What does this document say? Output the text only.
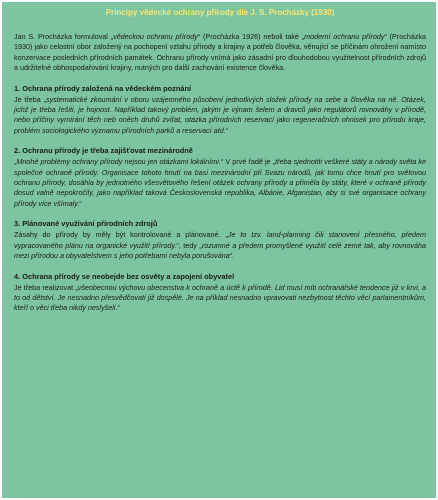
Principy vědecké ochrany přírody dle J. S. Procházky (1930)

Jan S. Procházka formuloval „vědeckou ochranu přírody“ (Procházka 1926) neboli také „moderní ochranu přírody“ (Procházka 1930) jako celostní obor založený na pochopení vztahu přírody a krajiny a potřeb člověka, věnující se příčinám ohrožení namísto konzervace posledních přírodních památek. Ochranu přírody vnímá jako zásadní pro dlouhodobou využitelnost přírodních zdrojů a udržitelné obhospodařování krajiny, nutných pro další zachování existence člověka.

1. Ochrana přírody založená na vědeckém poznání

Je třeba „systematické zkoumání v oboru vzájemného působení jednotlivých složek přírody na sebe a člověka na ně. Otázek, jichž je třeba řešiti, je hojnost. Například takový problém, jakým je výnam šelem a dravců jako regulátorů rovnováhy v přírodě, nebo příčiny vymírání těch neb oněch druhů zvířat, otázka přírodních reservací jako regeneračních ohnisek pro přírodu kraje, problém sociologického významu přírodních parků a reservací atd.“

2. Ochranu přírody je třeba zajišťovat mezinárodně

„Mnohé problémy ochrany přírody nejsou jen otázkami lokálními.“ V prvé řadě je „třeba sjednotiti veškeré státy a národy světa ke společné ochraně přírody. Organisace tohoto hnutí na basi mezinárodní při Svazu národů, jak tomu chce hnutí pro světovou ochranu přírody, dosáhla by jednotného všesvětového řešení otázek ochrany přírody a přiměla by státy, které v ochraně přírody dosud valně nepokročily, jako například taková Československá republika, Albánie, Afganistan, aby si své organisace ochrany přírody více všímaly.“

3. Plánované využívání přírodních zdrojů

Zásahy do přírody by měly být kontrolované a plánované. „Je to tzv. land-planning čili stanovení přesného, předem vypracovaného plánu na organické využití přírody.“, tedy „rozumné a předem promyšlené využití celé zemé tak, aby rovnováha mezi přírodou a obyvatelstvem s jeho potřebami nebyla porušována“.

4. Ochrana přírody se neobejde bez osvěty a zapojení obyvatel

Je třeba realizovat „všeobecnou výchovu obecenstva k ochraně a úctě k přírodě. Lid musí míti ochranářské tendence již v krvi, a to od dětství. Je nesnadno přesvědčovati již dospělé. Je na příklad nesnadno vpravovati nezbytnost těchto věcí parlamentníkům, kteří o věci třeba nikdy neslyšeli.“
